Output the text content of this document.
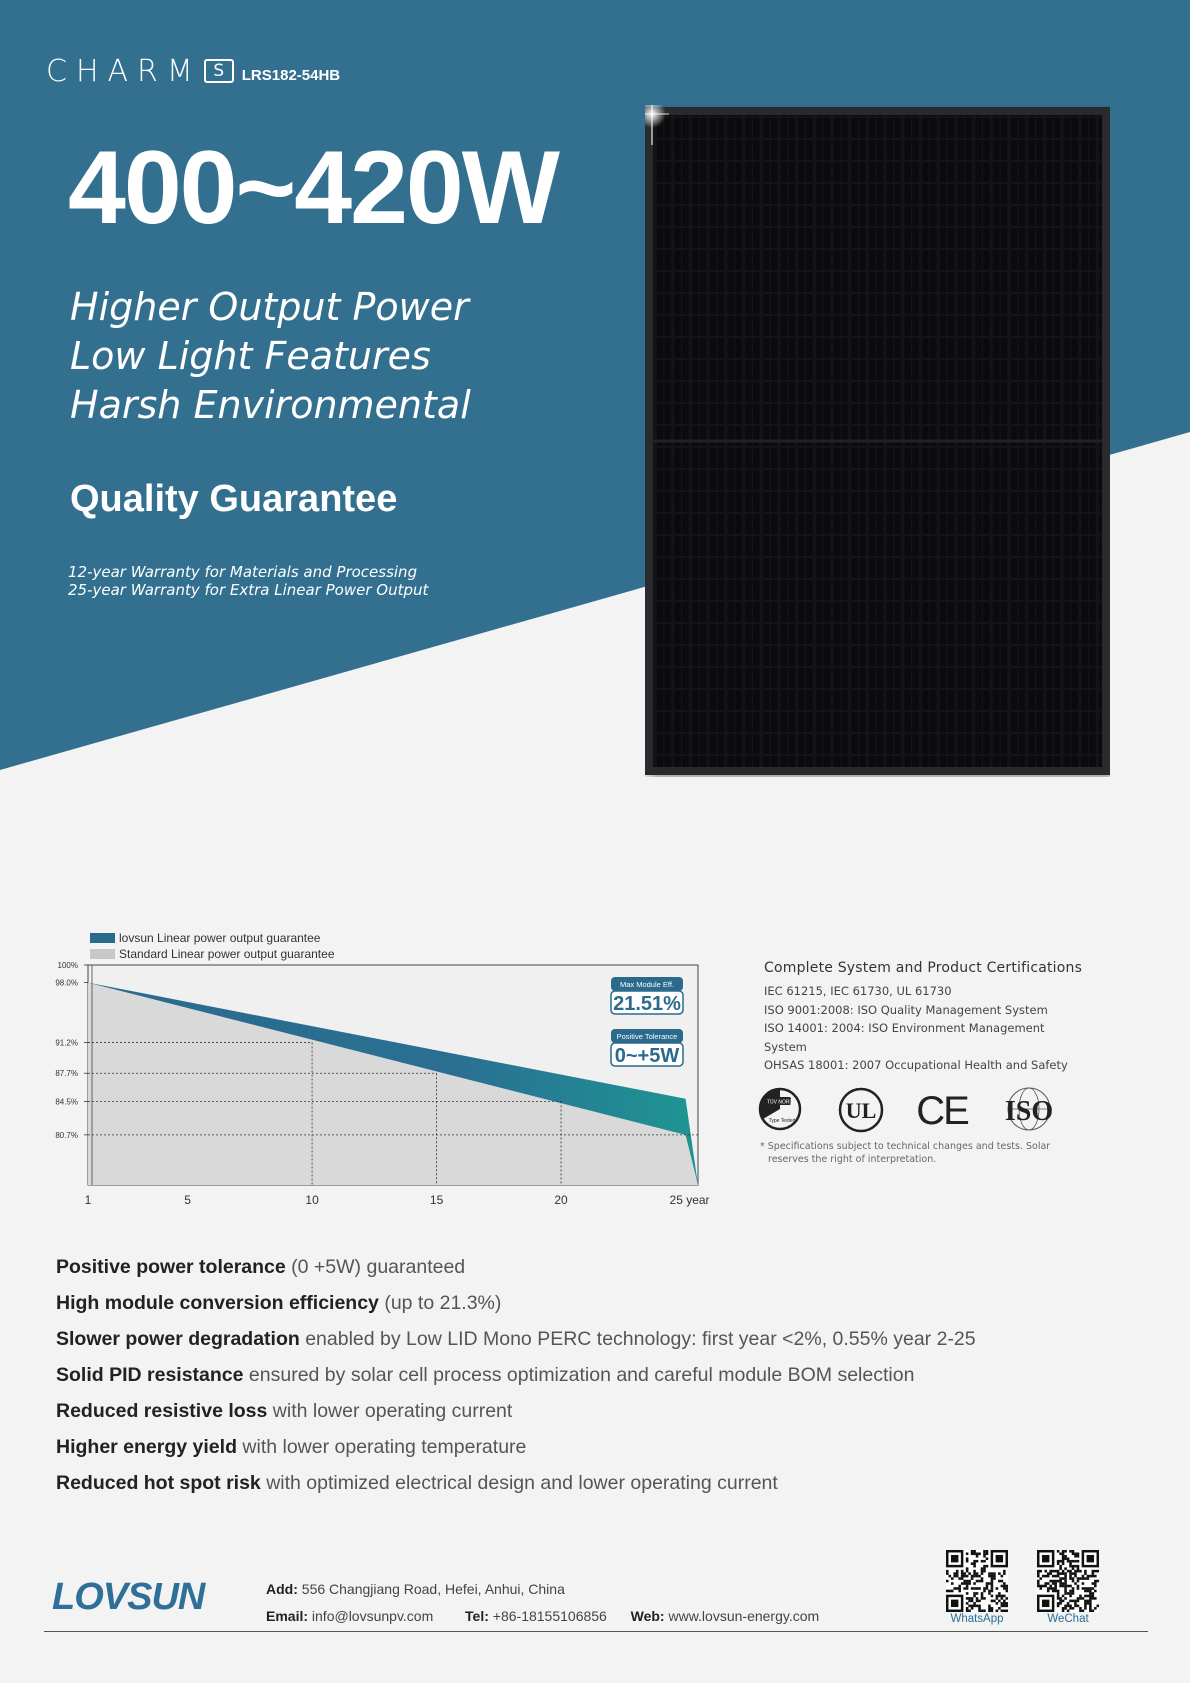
CHARM S	LRS182-54HB
400~420W
Higher Output Power
Low Light Features
Harsh Environmental
Quality Guarantee
12-year Warranty for Materials and Processing
25-year Warranty for Extra Linear Power Output
lovsun Linear power output guarantee
Standard Linear power output guarantee
100%
98.0%
91.2%
87.7%
84.5%
80.7%
1	5	10	15	20	25 year
Max Module Eff.
21.51%
Positive Tolerance
0~+5W
Complete System and Product Certifications
IEC 61215, IEC 61730, UL 61730
ISO 9001:2008: ISO Quality Management System
ISO 14001: 2004: ISO Environment Management
System
OHSAS 18001: 2007 Occupational Health and Safety
TÜV NORD
Type Tested UL CE ISO
* Specifications subject to technical changes and tests. Solar
reserves the right of interpretation.
Positive power tolerance (0 +5W) guaranteed
High module conversion efficiency (up to 21.3%)
Slower power degradation enabled by Low LID Mono PERC technology: first year <2%, 0.55% year 2-25
Solid PID resistance ensured by solar cell process optimization and careful module BOM selection
Reduced resistive loss with lower operating current
Higher energy yield with lower operating temperature
Reduced hot spot risk with optimized electrical design and lower operating current
LOVSUN	Add: 556 Changjiang Road, Hefei, Anhui, China
Email: info@lovsunpv.com Tel: +86-18155106856 Web: www.lovsun-energy.com	WhatsApp	WeChat
